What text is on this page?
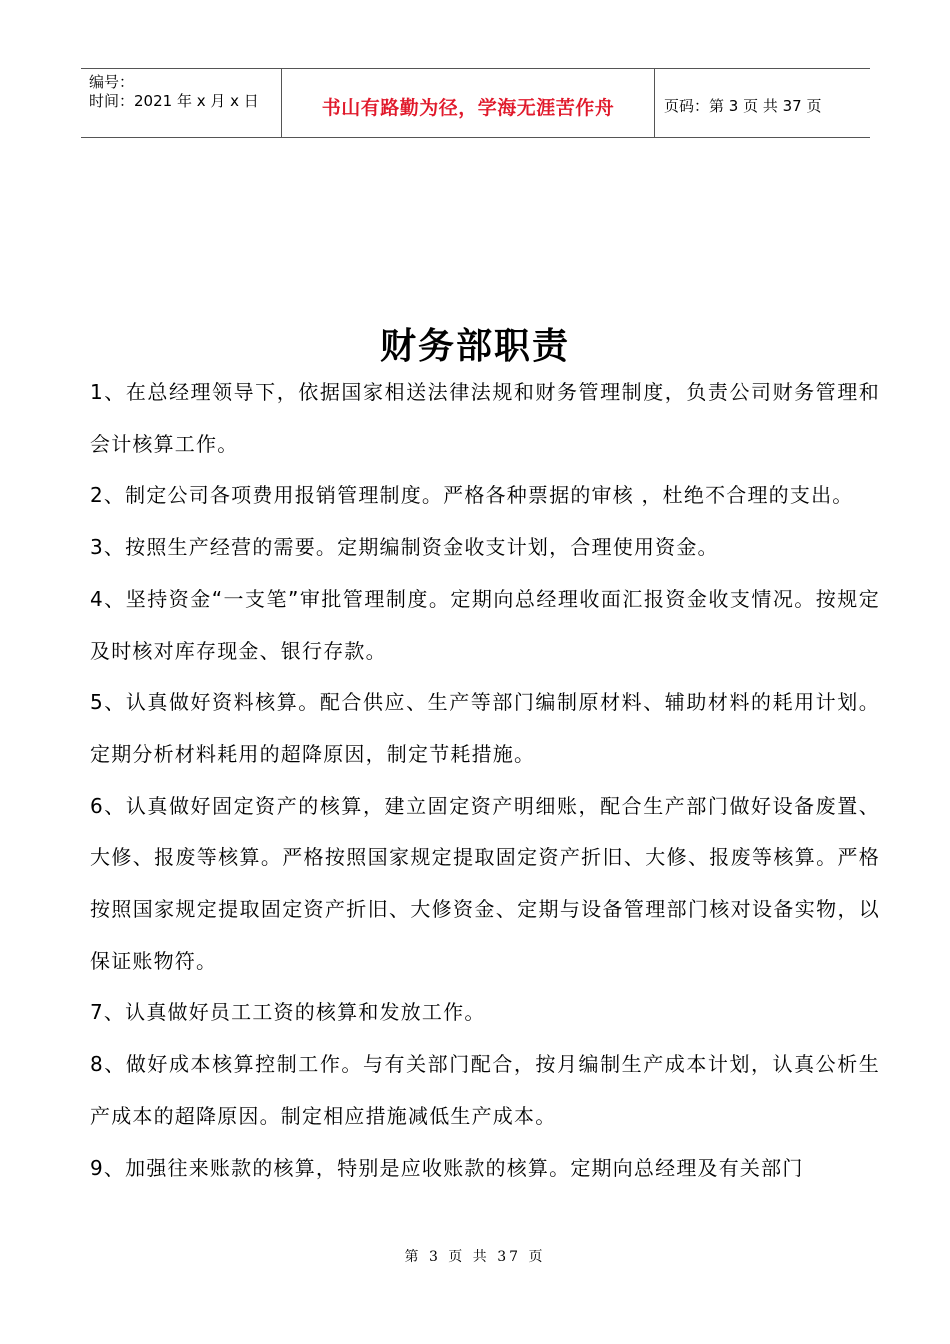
编号：
时间：2021 年 x 月 x 日	书山有路勤为径，学海无涯苦作舟	页码：第 3 页 共 37 页
财务部职责

1、在总经理领导下，依据国家相送法律法规和财务管理制度，负责公司财务管理和会计核算工作。

2、制定公司各项费用报销管理制度。严格各种票据的审核 ，杜绝不合理的支出。

3、按照生产经营的需要。定期编制资金收支计划，合理使用资金。

4、坚持资金“一支笔”审批管理制度。定期向总经理收面汇报资金收支情况。按规定及时核对库存现金、银行存款。

5、认真做好资料核算。配合供应、生产等部门编制原材料、辅助材料的耗用计划。定期分析材料耗用的超降原因，制定节耗措施。

6、认真做好固定资产的核算，建立固定资产明细账，配合生产部门做好设备废置、大修、报废等核算。严格按照国家规定提取固定资产折旧、大修、报废等核算。严格按照国家规定提取固定资产折旧、大修资金、定期与设备管理部门核对设备实物，以保证账物符。

7、认真做好员工工资的核算和发放工作。

8、做好成本核算控制工作。与有关部门配合，按月编制生产成本计划，认真公析生产成本的超降原因。制定相应措施减低生产成本。

9、加强往来账款的核算，特别是应收账款的核算。定期向总经理及有关部门

第 3 页 共 37 页
